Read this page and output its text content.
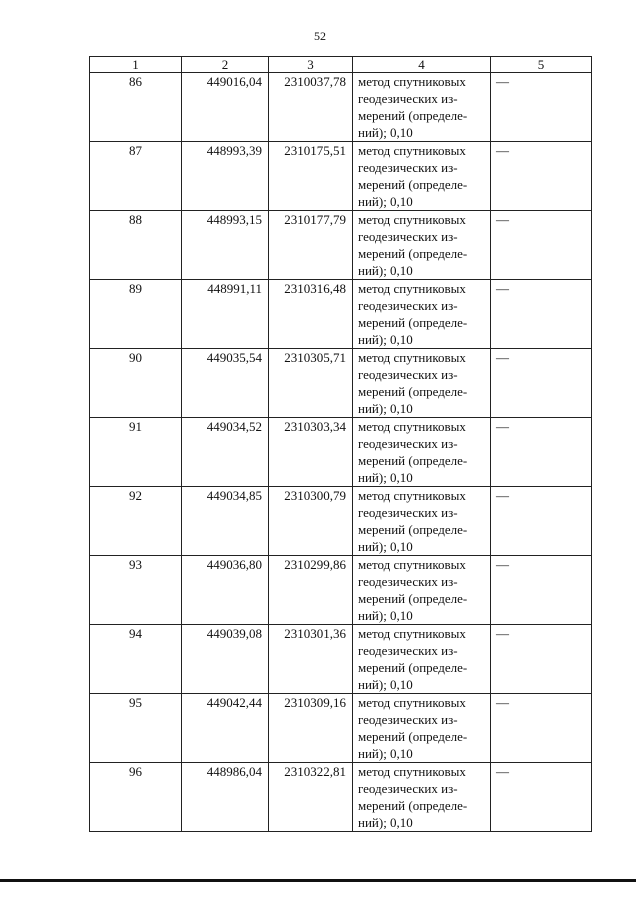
52
1	2	3	4	5
86	449016,04	2310037,78	метод спутниковых
геодезических из-
мерений (определе-
ний); 0,10	—
87	448993,39	2310175,51	метод спутниковых
геодезических из-
мерений (определе-
ний); 0,10	—
88	448993,15	2310177,79	метод спутниковых
геодезических из-
мерений (определе-
ний); 0,10	—
89	448991,11	2310316,48	метод спутниковых
геодезических из-
мерений (определе-
ний); 0,10	—
90	449035,54	2310305,71	метод спутниковых
геодезических из-
мерений (определе-
ний); 0,10	—
91	449034,52	2310303,34	метод спутниковых
геодезических из-
мерений (определе-
ний); 0,10	—
92	449034,85	2310300,79	метод спутниковых
геодезических из-
мерений (определе-
ний); 0,10	—
93	449036,80	2310299,86	метод спутниковых
геодезических из-
мерений (определе-
ний); 0,10	—
94	449039,08	2310301,36	метод спутниковых
геодезических из-
мерений (определе-
ний); 0,10	—
95	449042,44	2310309,16	метод спутниковых
геодезических из-
мерений (определе-
ний); 0,10	—
96	448986,04	2310322,81	метод спутниковых
геодезических из-
мерений (определе-
ний); 0,10	—
